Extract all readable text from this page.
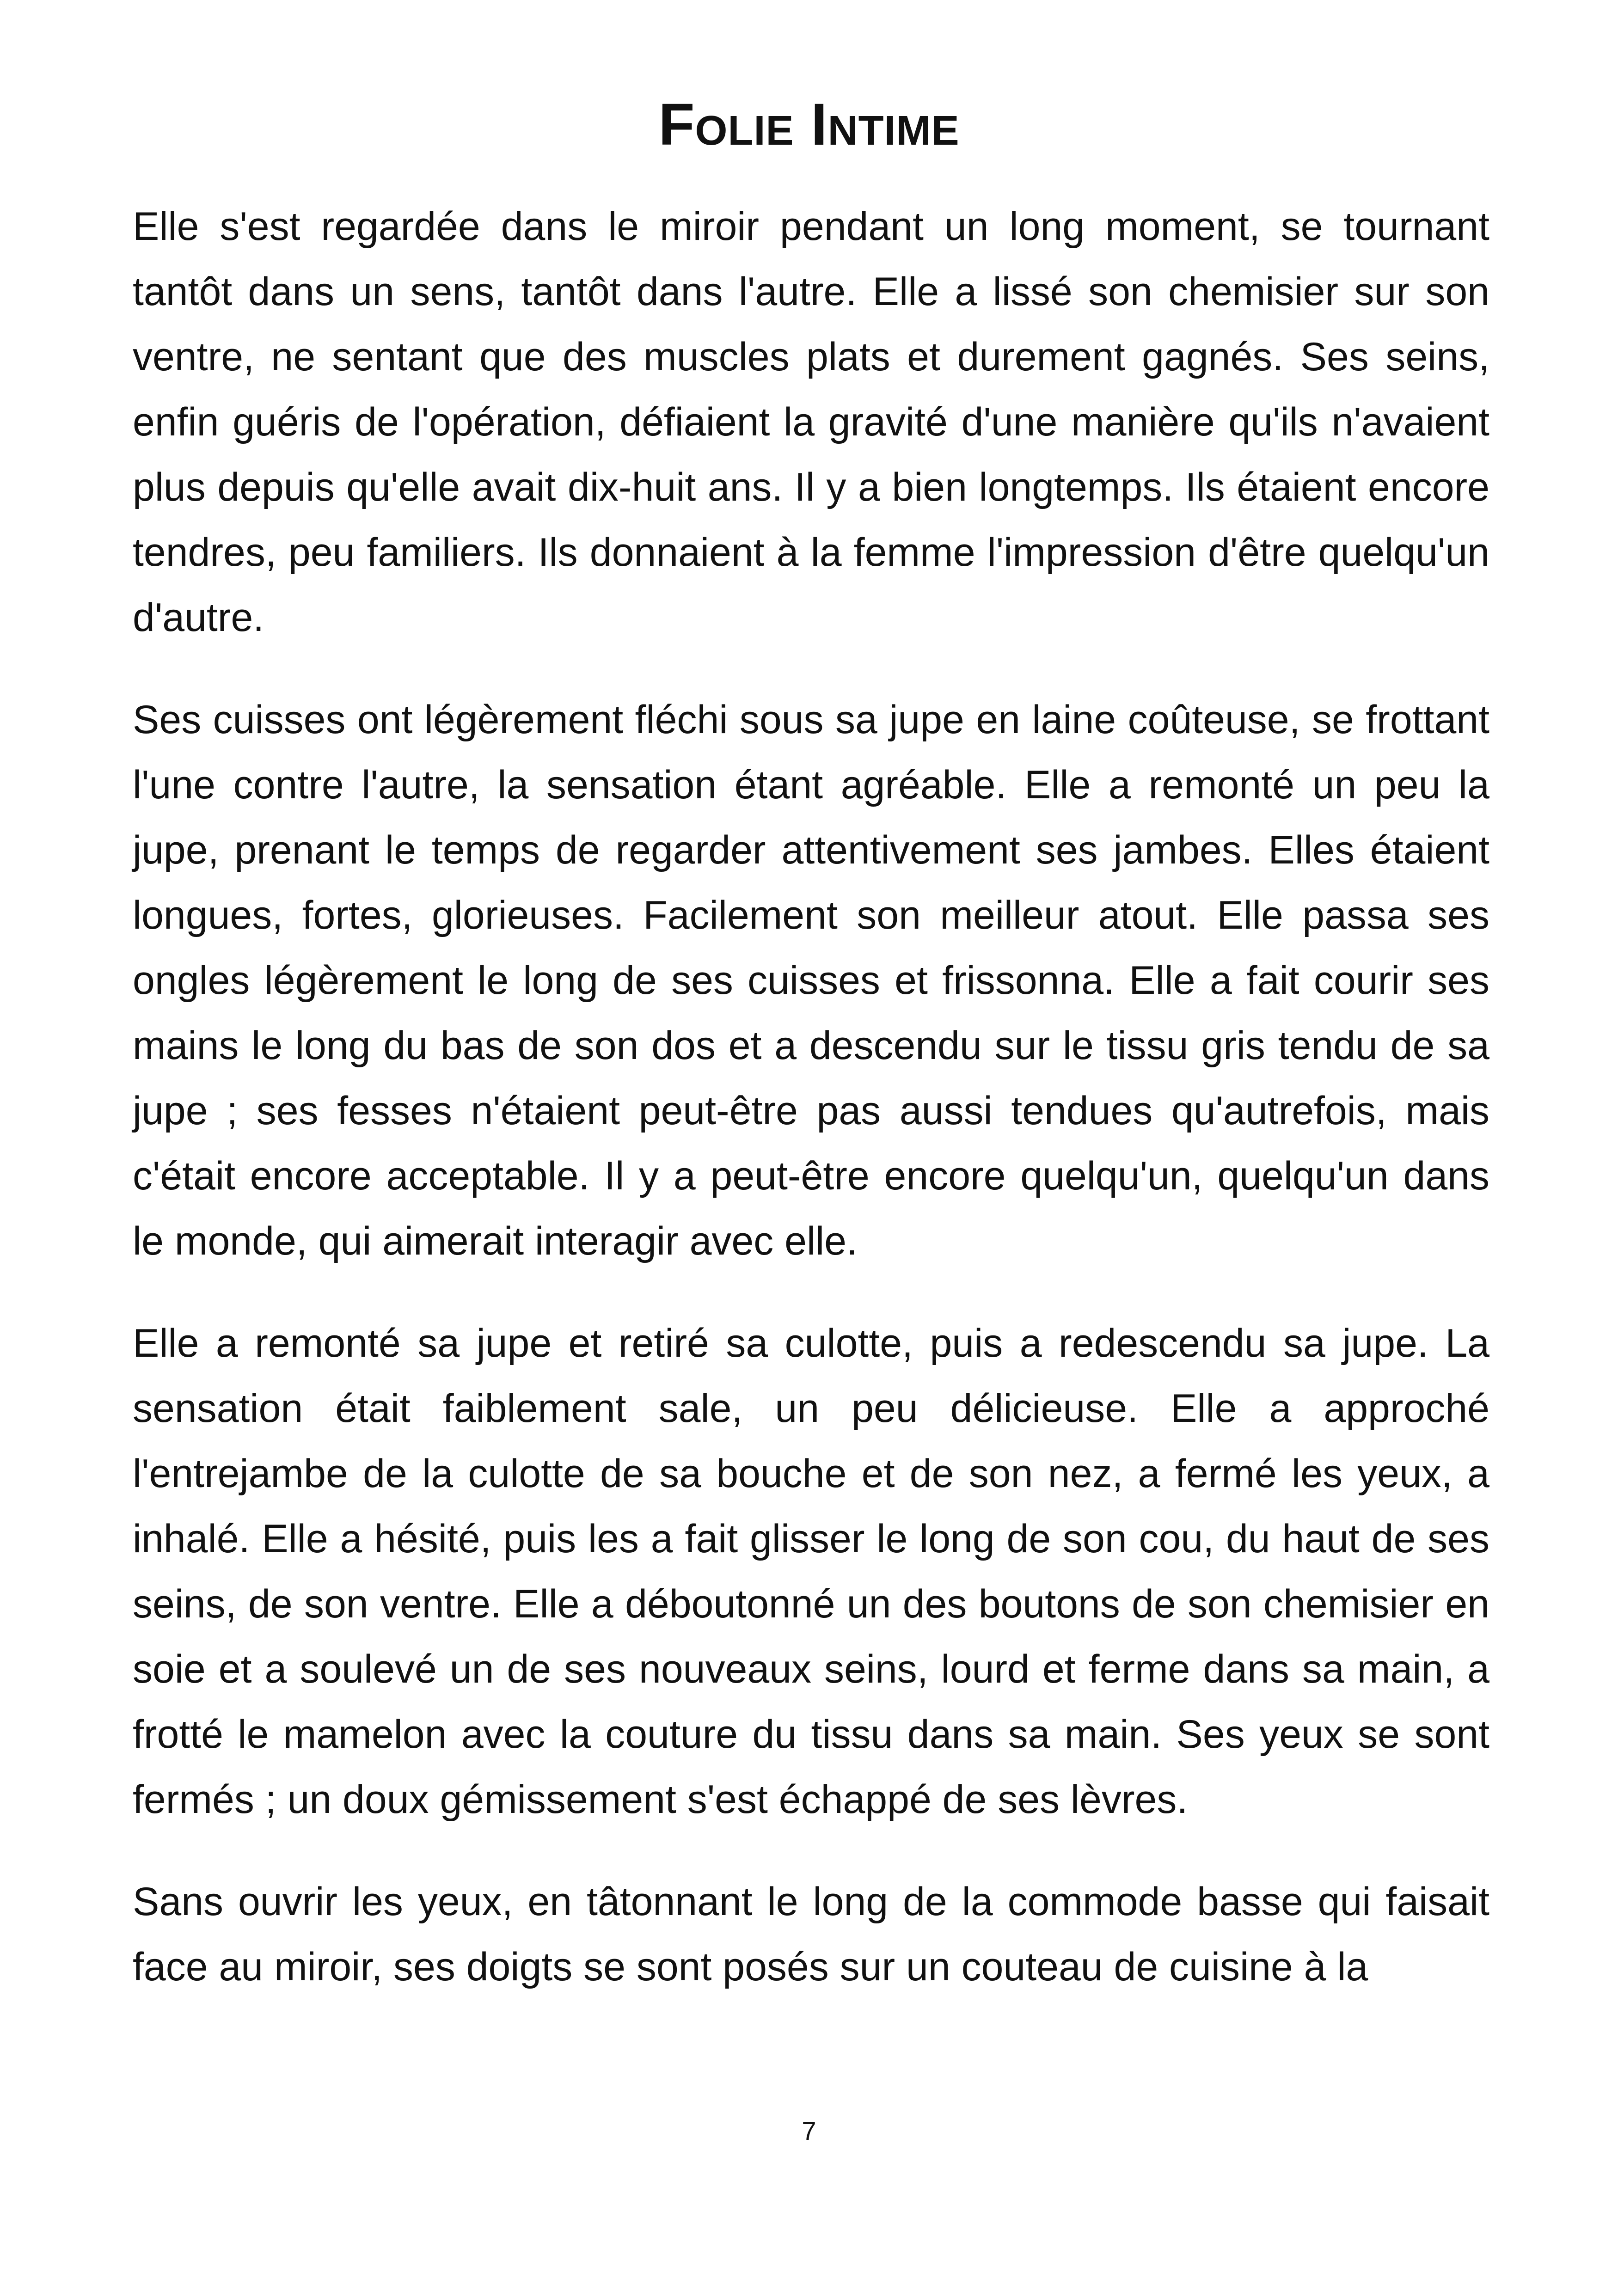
Folie Intime

Elle s'est regardée dans le miroir pendant un long moment, se tournant tantôt dans un sens, tantôt dans l'autre. Elle a lissé son chemisier sur son ventre, ne sentant que des muscles plats et durement gagnés. Ses seins, enfin guéris de l'opération, défiaient la gravité d'une manière qu'ils n'avaient plus depuis qu'elle avait dix-huit ans. Il y a bien longtemps. Ils étaient encore tendres, peu familiers. Ils donnaient à la femme l'impression d'être quelqu'un d'autre.

Ses cuisses ont légèrement fléchi sous sa jupe en laine coûteuse, se frottant l'une contre l'autre, la sensation étant agréable. Elle a remonté un peu la jupe, prenant le temps de regarder attentivement ses jambes. Elles étaient longues, fortes, glorieuses. Facilement son meilleur atout. Elle passa ses ongles légèrement le long de ses cuisses et frissonna. Elle a fait courir ses mains le long du bas de son dos et a descendu sur le tissu gris tendu de sa jupe ; ses fesses n'étaient peut-être pas aussi tendues qu'autrefois, mais c'était encore acceptable. Il y a peut-être encore quelqu'un, quelqu'un dans le monde, qui aimerait interagir avec elle.

Elle a remonté sa jupe et retiré sa culotte, puis a redescendu sa jupe. La sensation était faiblement sale, un peu délicieuse. Elle a approché l'entrejambe de la culotte de sa bouche et de son nez, a fermé les yeux, a inhalé. Elle a hésité, puis les a fait glisser le long de son cou, du haut de ses seins, de son ventre. Elle a déboutonné un des boutons de son chemisier en soie et a soulevé un de ses nouveaux seins, lourd et ferme dans sa main, a frotté le mamelon avec la couture du tissu dans sa main. Ses yeux se sont fermés ; un doux gémissement s'est échappé de ses lèvres.

Sans ouvrir les yeux, en tâtonnant le long de la commode basse qui faisait face au miroir, ses doigts se sont posés sur un couteau de cuisine à la

7
